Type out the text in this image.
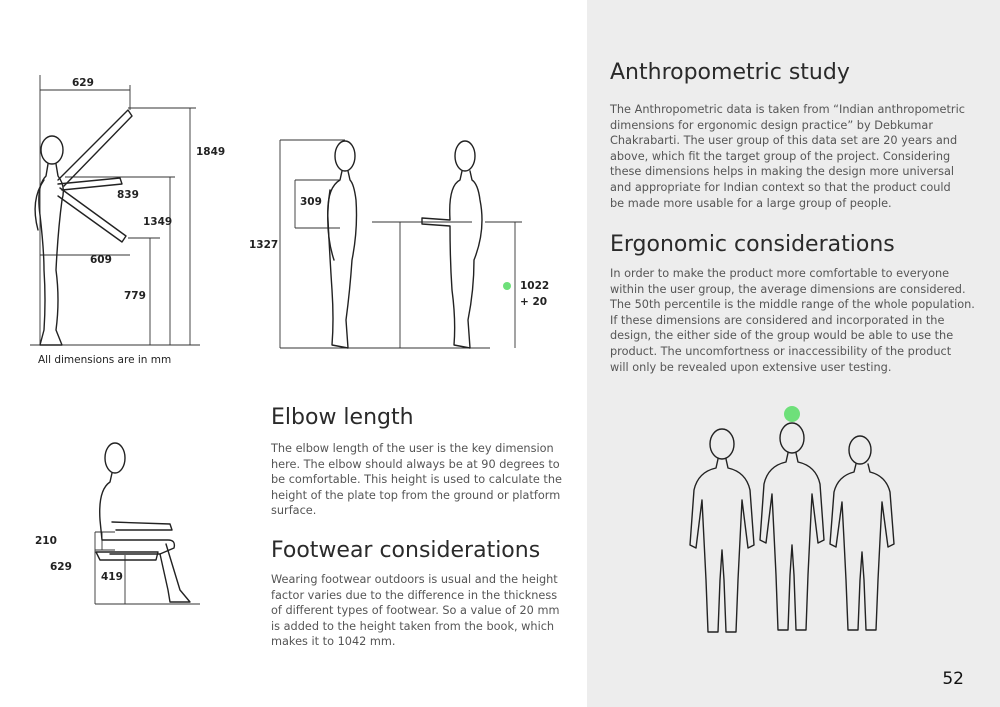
629
1849
839
1349
609
779
All dimensions are in mm
309
1327
1022
+ 20
210
629
419
Elbow length
The elbow length of the user is the key dimension
here. The elbow should always be at 90 degrees to
be comfortable. This height is used to calculate the
height of the plate top from the ground or platform
surface.
Footwear considerations
Wearing footwear outdoors is usual and the height
factor varies due to the difference in the thickness
of different types of footwear. So a value of 20 mm
is added to the height taken from the book, which
makes it to 1042 mm.
Anthropometric study
The Anthropometric data is taken from “Indian anthropometric
dimensions for ergonomic design practice” by Debkumar
Chakrabarti. The user group of this data set are 20 years and
above, which fit the target group of the project. Considering
these dimensions helps in making the design more universal
and appropriate for Indian context so that the product could
be made more usable for a large group of people.
Ergonomic considerations
In order to make the product more comfortable to everyone
within the user group, the average dimensions are considered.
The 50th percentile is the middle range of the whole population.
If these dimensions are considered and incorporated in the
design, the either side of the group would be able to use the
product. The uncomfortness or inaccessibility of the product
will only be revealed upon extensive user testing.
52
